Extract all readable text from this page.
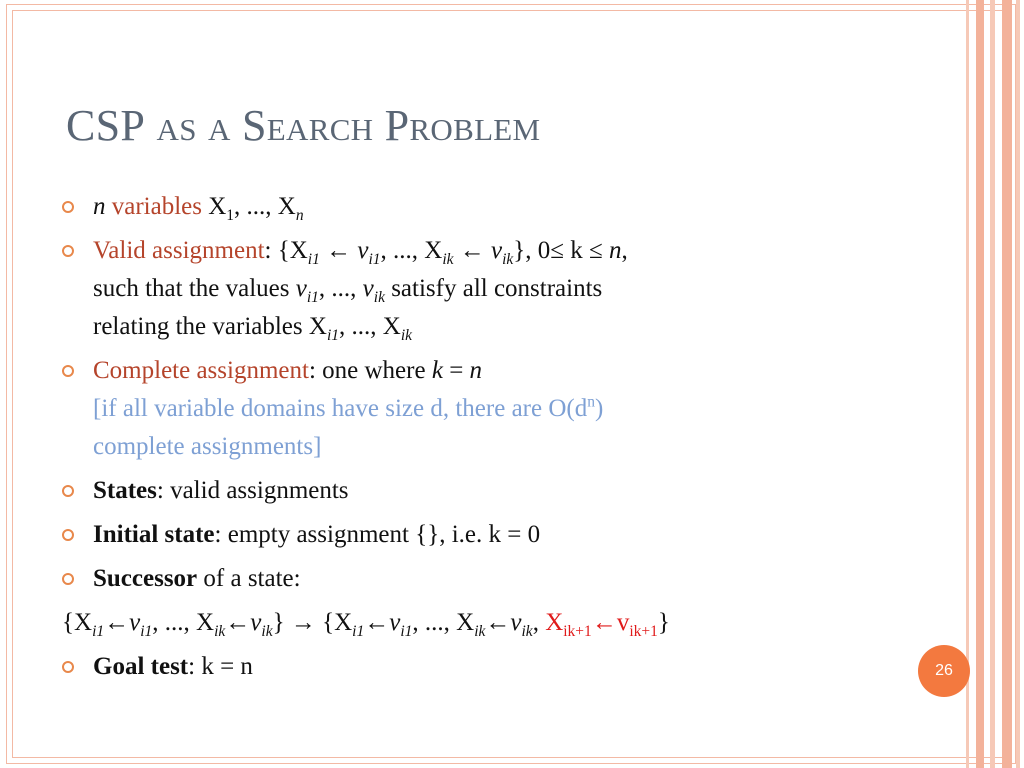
CSP as a Search Problem
n variables $X_1$, ..., $X_n$
Valid assignment: {$X_{i1}$ ← $v_{i1}$, ..., $X_{ik}$ ← $v_{ik}$}, 0≤ k ≤ n,
such that the values $v_{i1}$, ..., $v_{ik}$ satisfy all constraints
relating the variables $X_{i1}$, ..., $X_{ik}$
Complete assignment: one where k = n
[if all variable domains have size d, there are $O(d^n)$
complete assignments]
States: valid assignments
Initial state: empty assignment {}, i.e. k = 0
Successor of a state:
{$X_{i1}\leftarrow v_{i1}$, ..., $X_{ik}\leftarrow v_{ik}$} → {$X_{i1}\leftarrow v_{i1}$, ..., $X_{ik}\leftarrow v_{ik}$, $X_{ik+1}\leftarrow v_{ik+1}$}
Goal test: k = n	26
